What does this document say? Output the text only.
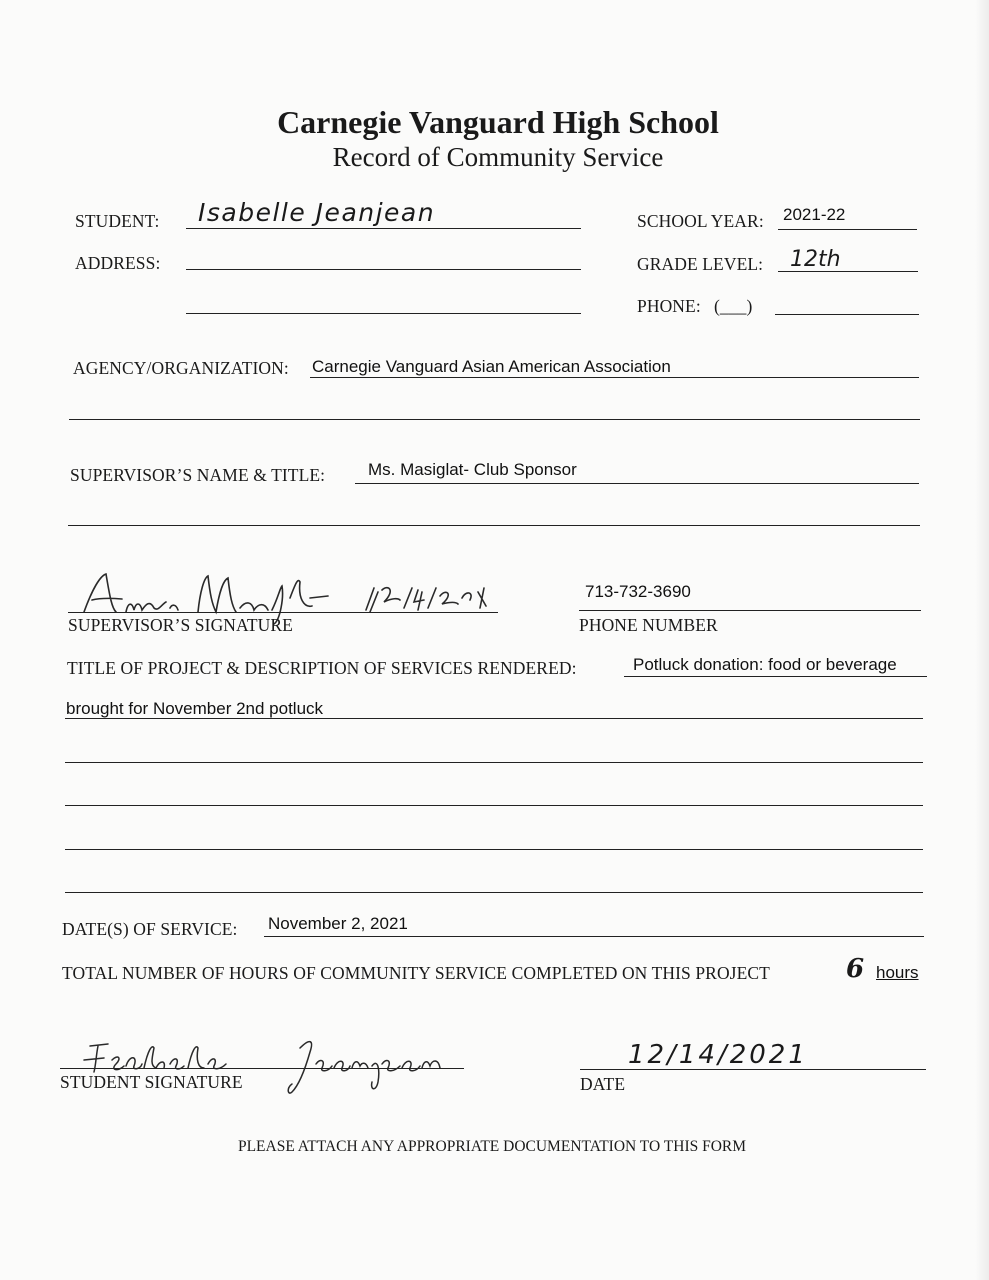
Carnegie Vanguard High School
Record of Community Service
STUDENT: Isabelle Jeanjean	SCHOOL YEAR: 2021-22
ADDRESS:	GRADE LEVEL: 12th
PHONE: (___)
AGENCY/ORGANIZATION: Carnegie Vanguard Asian American Association
SUPERVISOR’S NAME & TITLE:	Ms. Masiglat- Club Sponsor
SUPERVISOR’S SIGNATURE
713-732-3690
PHONE NUMBER
TITLE OF PROJECT & DESCRIPTION OF SERVICES RENDERED:	Potluck donation: food or beverage
brought for November 2nd potluck
DATE(S) OF SERVICE: November 2, 2021
TOTAL NUMBER OF HOURS OF COMMUNITY SERVICE COMPLETED ON THIS PROJECT	6 hours
STUDENT SIGNATURE
12/14/2021
DATE
PLEASE ATTACH ANY APPROPRIATE DOCUMENTATION TO THIS FORM
